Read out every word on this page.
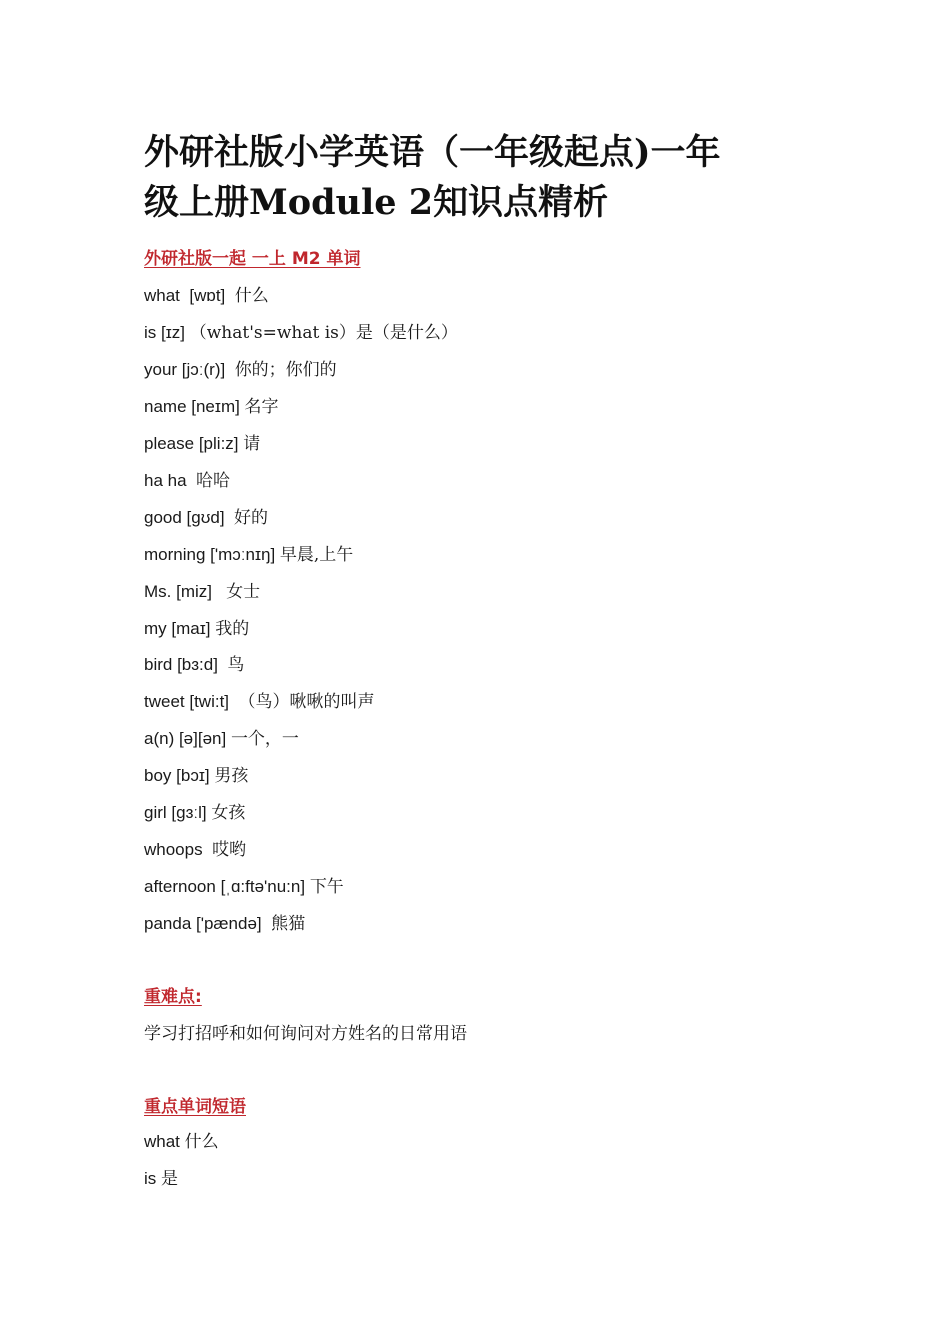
外研社版小学英语（一年级起点)一年
级上册Module 2知识点精析
外研社版一起 一上 M2 单词
what  [wɒt]  什么
is [ɪz] （what's=what is）是（是什么）
your [jɔː(r)]  你的；你们的
name [neɪm] 名字
please [pli:z] 请
ha ha 哈哈
good [gʊd]  好的
morning ['mɔːnɪŋ] 早晨,上午
Ms. [miz]   女士
my [maɪ] 我的
bird [bɜ:d]  鸟
tweet [twi:t]  （鸟）啾啾的叫声
a(n) [ə][ən] 一个，一
boy [bɔɪ] 男孩
girl [gɜːl] 女孩
whoops 哎哟
afternoon [ˌɑ:ftə'nu:n] 下午
panda ['pændə]  熊猫
重难点:
学习打招呼和如何询问对方姓名的日常用语
重点单词短语
what 什么
is 是
